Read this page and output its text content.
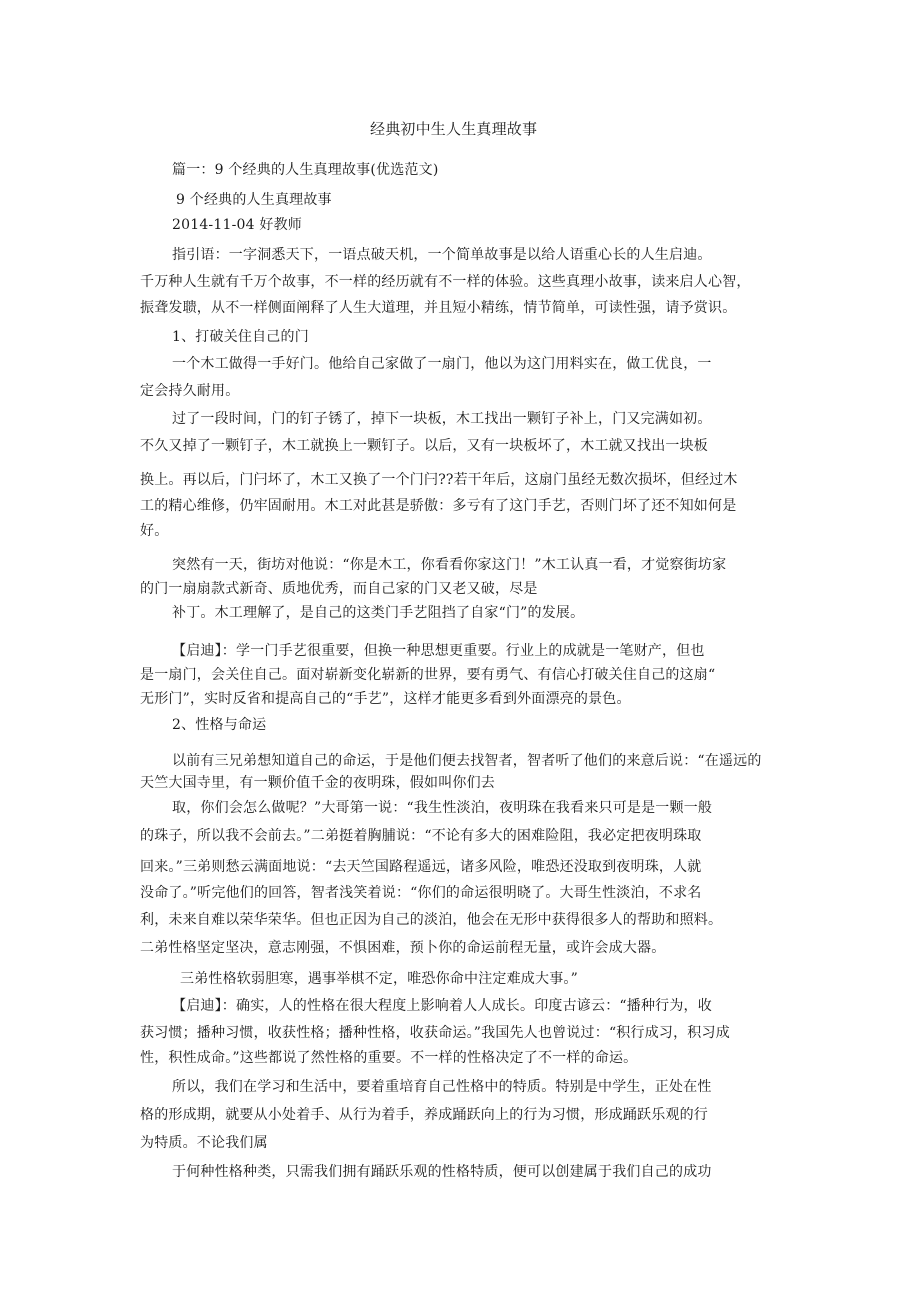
经典初中生人生真理故事
篇一：9 个经典的人生真理故事(优选范文)
9 个经典的人生真理故事
2014-11-04 好教师
指引语：一字洞悉天下，一语点破天机，一个简单故事是以给人语重心长的人生启迪。
千万种人生就有千万个故事，不一样的经历就有不一样的体验。这些真理小故事，读来启人心智，
振聋发聩，从不一样侧面阐释了人生大道理，并且短小精练，情节简单，可读性强，请予赏识。
1、打破关住自己的门
一个木工做得一手好门。他给自己家做了一扇门，他以为这门用料实在，做工优良，一
定会持久耐用。
过了一段时间，门的钉子锈了，掉下一块板，木工找出一颗钉子补上，门又完满如初。
不久又掉了一颗钉子，木工就换上一颗钉子。以后，又有一块板坏了，木工就又找出一块板
换上。再以后，门闩坏了，木工又换了一个门闩??若干年后，这扇门虽经无数次损坏，但经过木
工的精心维修，仍牢固耐用。木工对此甚是骄傲：多亏有了这门手艺，否则门坏了还不知如何是
好。
突然有一天，街坊对他说：“你是木工，你看看你家这门！”木工认真一看，才觉察街坊家
的门一扇扇款式新奇、质地优秀，而自己家的门又老又破，尽是
补丁。木工理解了，是自己的这类门手艺阻挡了自家“门”的发展。
【启迪】：学一门手艺很重要，但换一种思想更重要。行业上的成就是一笔财产，但也
是一扇门，会关住自己。面对崭新变化崭新的世界，要有勇气、有信心打破关住自己的这扇“
无形门”，实时反省和提高自己的“手艺”，这样才能更多看到外面漂亮的景色。
2、性格与命运
以前有三兄弟想知道自己的命运，于是他们便去找智者，智者听了他们的来意后说：“在遥远的
天竺大国寺里，有一颗价值千金的夜明珠，假如叫你们去
取，你们会怎么做呢？”大哥第一说：“我生性淡泊，夜明珠在我看来只可是是一颗一般
的珠子，所以我不会前去。”二弟挺着胸脯说：“不论有多大的困难险阻，我必定把夜明珠取
回来。”三弟则愁云满面地说：“去天竺国路程遥远，诸多风险，唯恐还没取到夜明珠，人就
没命了。”听完他们的回答，智者浅笑着说：“你们的命运很明晓了。大哥生性淡泊，不求名
利，未来自难以荣华荣华。但也正因为自己的淡泊，他会在无形中获得很多人的帮助和照料。
二弟性格坚定坚决，意志刚强，不惧困难，预卜你的命运前程无量，或许会成大器。
三弟性格软弱胆寒，遇事举棋不定，唯恐你命中注定难成大事。”
【启迪】：确实，人的性格在很大程度上影响着人人成长。印度古谚云：“播种行为，收
获习惯；播种习惯，收获性格；播种性格，收获命运。”我国先人也曾说过：“积行成习，积习成
性，积性成命。”这些都说了然性格的重要。不一样的性格决定了不一样的命运。
所以，我们在学习和生活中，要着重培育自己性格中的特质。特别是中学生，正处在性
格的形成期，就要从小处着手、从行为着手，养成踊跃向上的行为习惯，形成踊跃乐观的行
为特质。不论我们属
于何种性格种类，只需我们拥有踊跃乐观的性格特质，便可以创建属于我们自己的成功
